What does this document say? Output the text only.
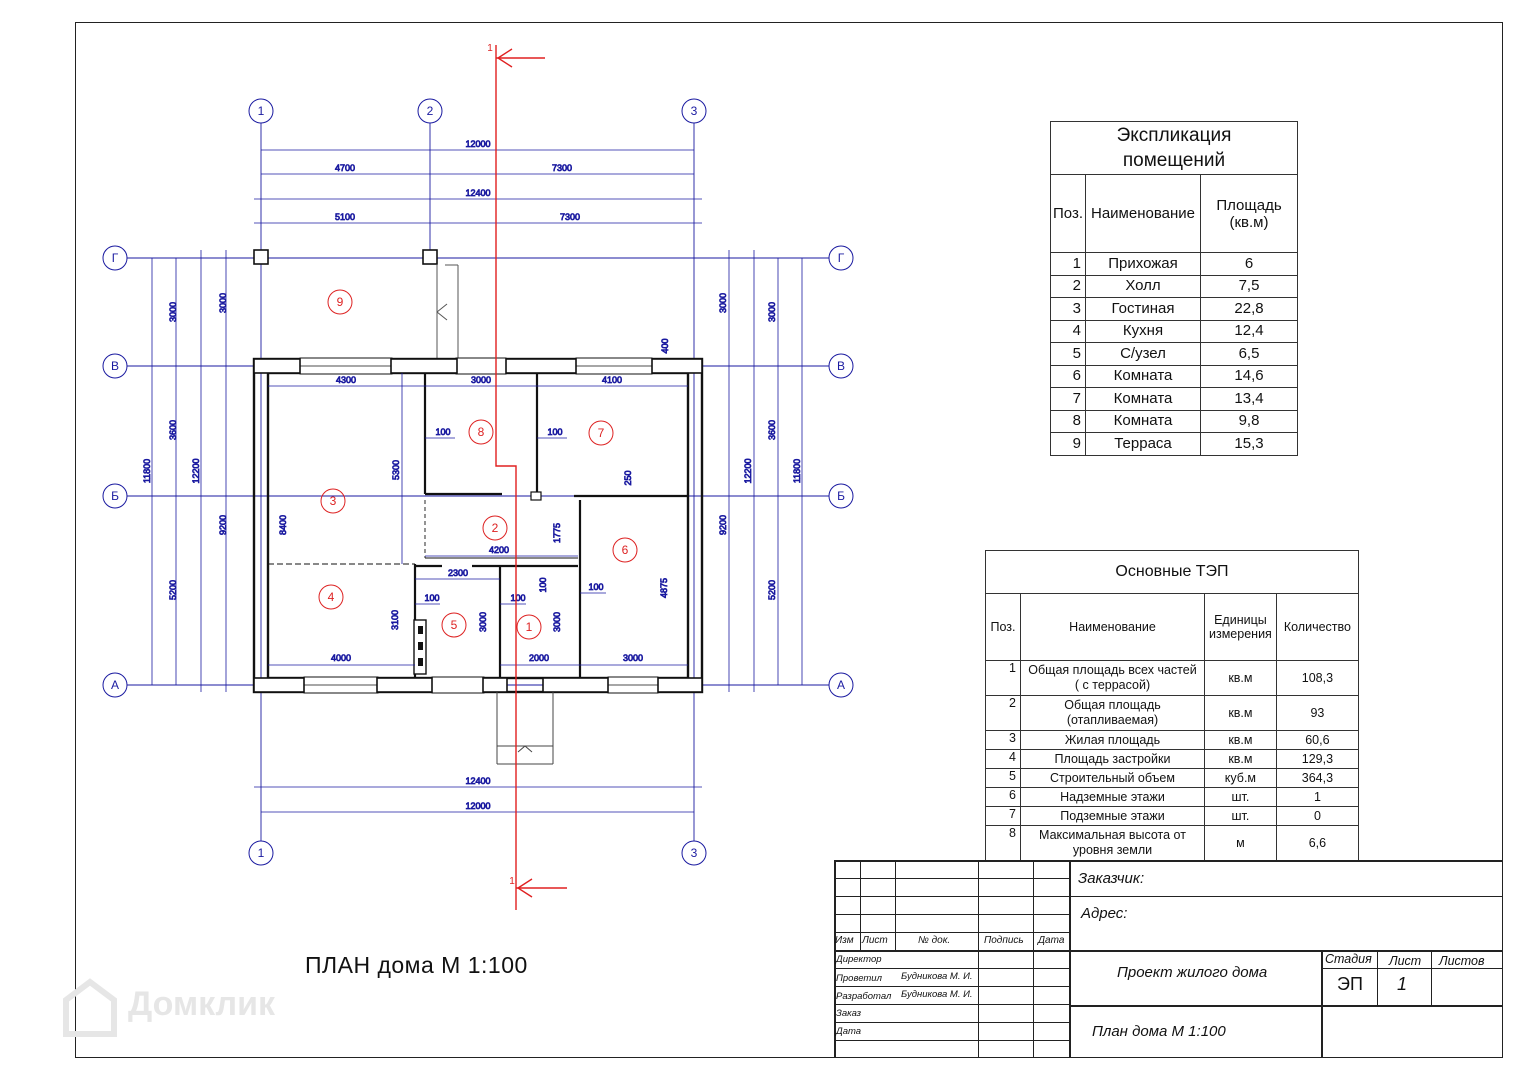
1	2	3
1	3
Г
В
Б
А
Г
В
Б
А
12000
4700	7300
12400
5100	7300
12400
12000
3000	3000
3600
11800	12200
9200
5200
8400
3100
3000	3000
3600
12200	11800
9200
5200
400
4300	3000	4100
5300	250
100	100
4200
1775
2300
100
100	100
100
3000	3000
4875
4000	2000	3000
9
8	7
3
2
6
4
5	1
1
1
ПЛАН дома М 1:100
Домклик
Экспликация
помещений		
Поз.	Наименование	Площадь
(кв.м)
1	Прихожая	6
2	Холл	7,5
3	Гостиная	22,8
4	Кухня	12,4
5	С/узел	6,5
6	Комната	14,6
7	Комната	13,4
8	Комната	9,8
9	Терраса	15,3
Основные ТЭП			
Поз.	Наименование	Единицы
измерения	Количество
1	Общая площадь всех частей
( с террасой)	кв.м	108,3
2	Общая площадь
(отапливаемая)	кв.м	93
3	Жилая площадь	кв.м	60,6
4	Площадь застройки	кв.м	129,3
5	Строительный объем	куб.м	364,3
6	Надземные этажи	шт.	1
7	Подземные этажи	шт.	0
8	Максимальная высота от
уровня земли	м	6,6
Заказчик:
Адрес:
Изм Лист	№ док.	Подпись Дата
Директор
Проветил Будникова М. И.
Разработал Будникова М. И.
Заказ
Дата
Проект жилого дома
План дома М 1:100
Стадия Лист Листов
ЭП 1
